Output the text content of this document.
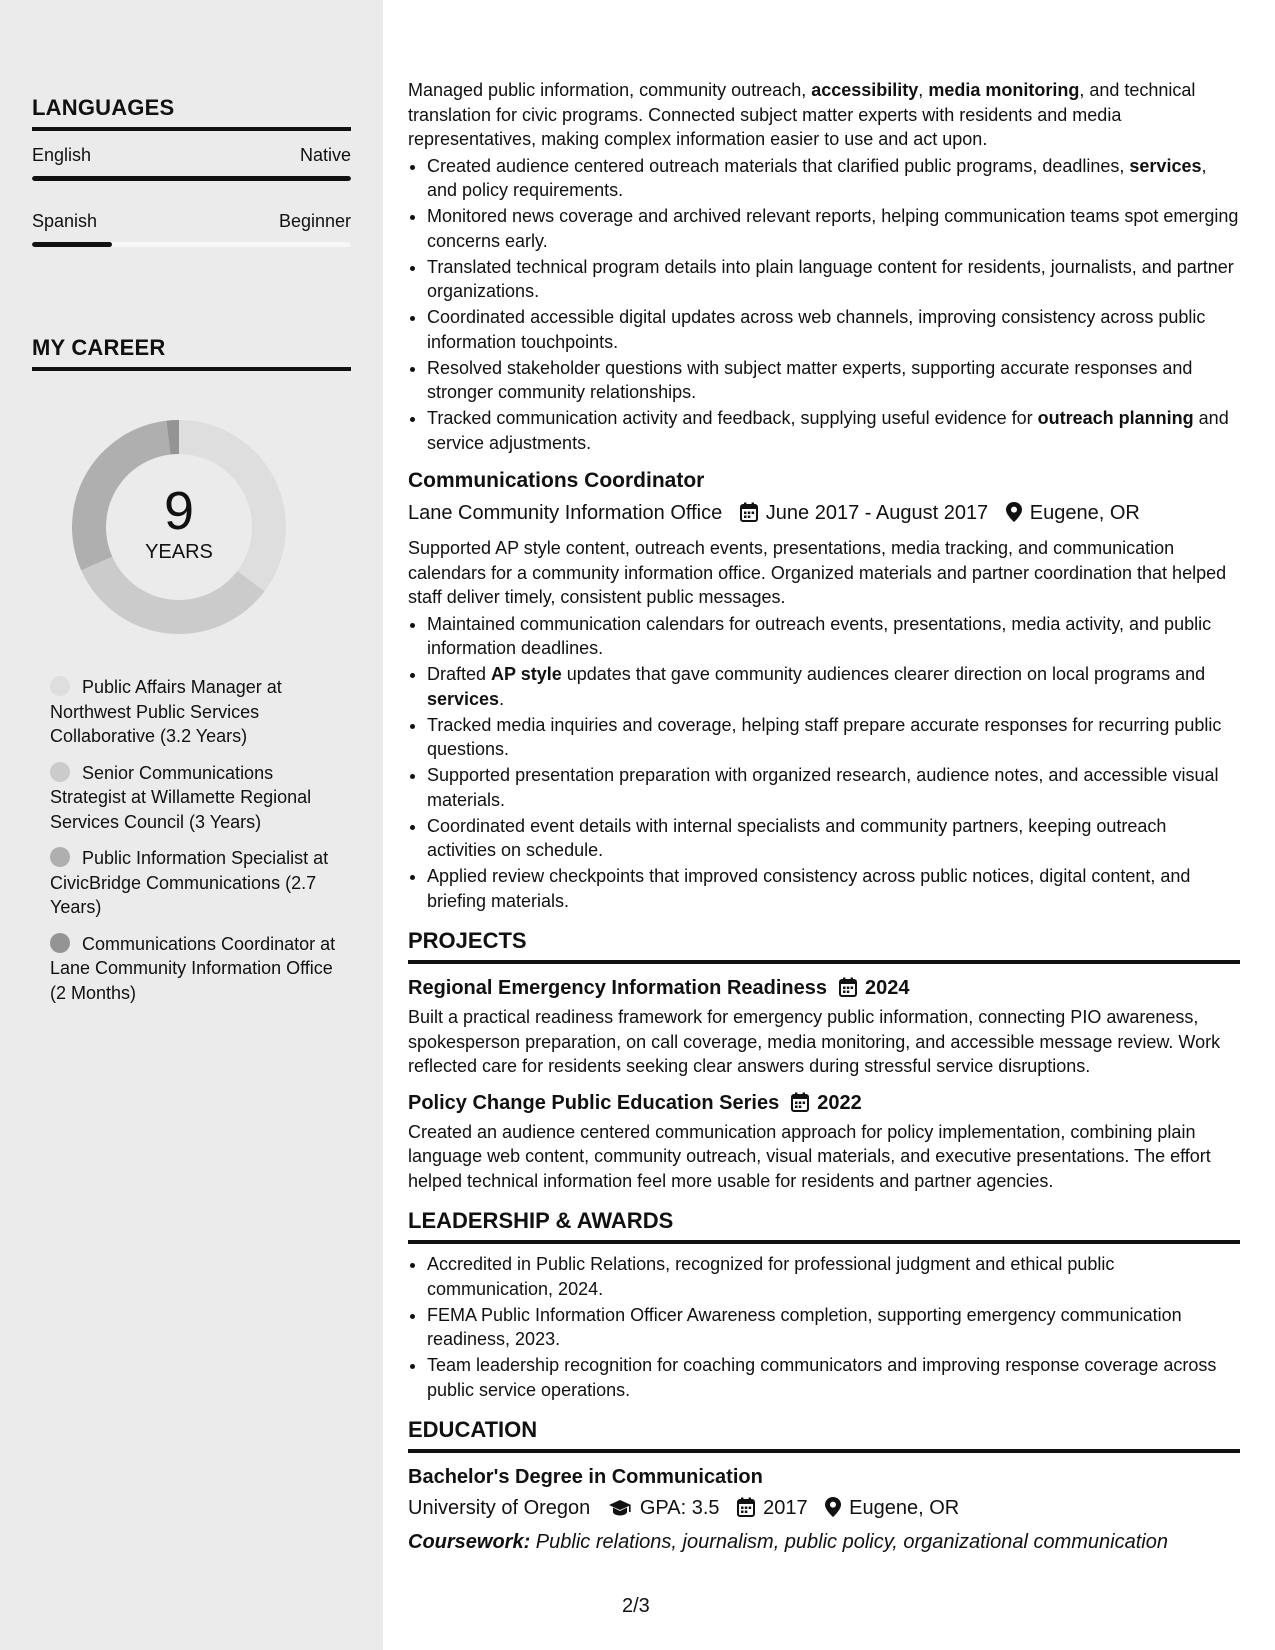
LANGUAGES
English	Native
Spanish	Beginner
MY CAREER
9
YEARS
Public Affairs Manager at Northwest Public Services Collaborative (3.2 Years)
Senior Communications Strategist at Willamette Regional Services Council (3 Years)
Public Information Specialist at CivicBridge Communications (2.7 Years)
Communications Coordinator at Lane Community Information Office (2 Months)

Managed public information, community outreach, accessibility, media monitoring, and technical translation for civic programs. Connected subject matter experts with residents and media representatives, making complex information easier to use and act upon.

• Created audience centered outreach materials that clarified public programs, deadlines, services, and policy requirements.
• Monitored news coverage and archived relevant reports, helping communication teams spot emerging concerns early.
• Translated technical program details into plain language content for residents, journalists, and partner organizations.
• Coordinated accessible digital updates across web channels, improving consistency across public information touchpoints.
• Resolved stakeholder questions with subject matter experts, supporting accurate responses and stronger community relationships.
• Tracked communication activity and feedback, supplying useful evidence for outreach planning and service adjustments.
Communications Coordinator
Lane Community Information Office June 2017 - August 2017 Eugene, OR

Supported AP style content, outreach events, presentations, media tracking, and communication calendars for a community information office. Organized materials and partner coordination that helped staff deliver timely, consistent public messages.

• Maintained communication calendars for outreach events, presentations, media activity, and public information deadlines.
• Drafted AP style updates that gave community audiences clearer direction on local programs and services.
• Tracked media inquiries and coverage, helping staff prepare accurate responses for recurring public questions.
• Supported presentation preparation with organized research, audience notes, and accessible visual materials.
• Coordinated event details with internal specialists and community partners, keeping outreach activities on schedule.
• Applied review checkpoints that improved consistency across public notices, digital content, and briefing materials.
PROJECTS
Regional Emergency Information Readiness 2024

Built a practical readiness framework for emergency public information, connecting PIO awareness, spokesperson preparation, on call coverage, media monitoring, and accessible message review. Work reflected care for residents seeking clear answers during stressful service disruptions.

Policy Change Public Education Series 2022

Created an audience centered communication approach for policy implementation, combining plain language web content, community outreach, visual materials, and executive presentations. The effort helped technical information feel more usable for residents and partner agencies.

LEADERSHIP & AWARDS
• Accredited in Public Relations, recognized for professional judgment and ethical public communication, 2024.
• FEMA Public Information Officer Awareness completion, supporting emergency communication readiness, 2023.
• Team leadership recognition for coaching communicators and improving response coverage across public service operations.
EDUCATION
Bachelor's Degree in Communication
University of Oregon GPA: 3.5 2017 Eugene, OR
Coursework: Public relations, journalism, public policy, organizational communication
2/3
